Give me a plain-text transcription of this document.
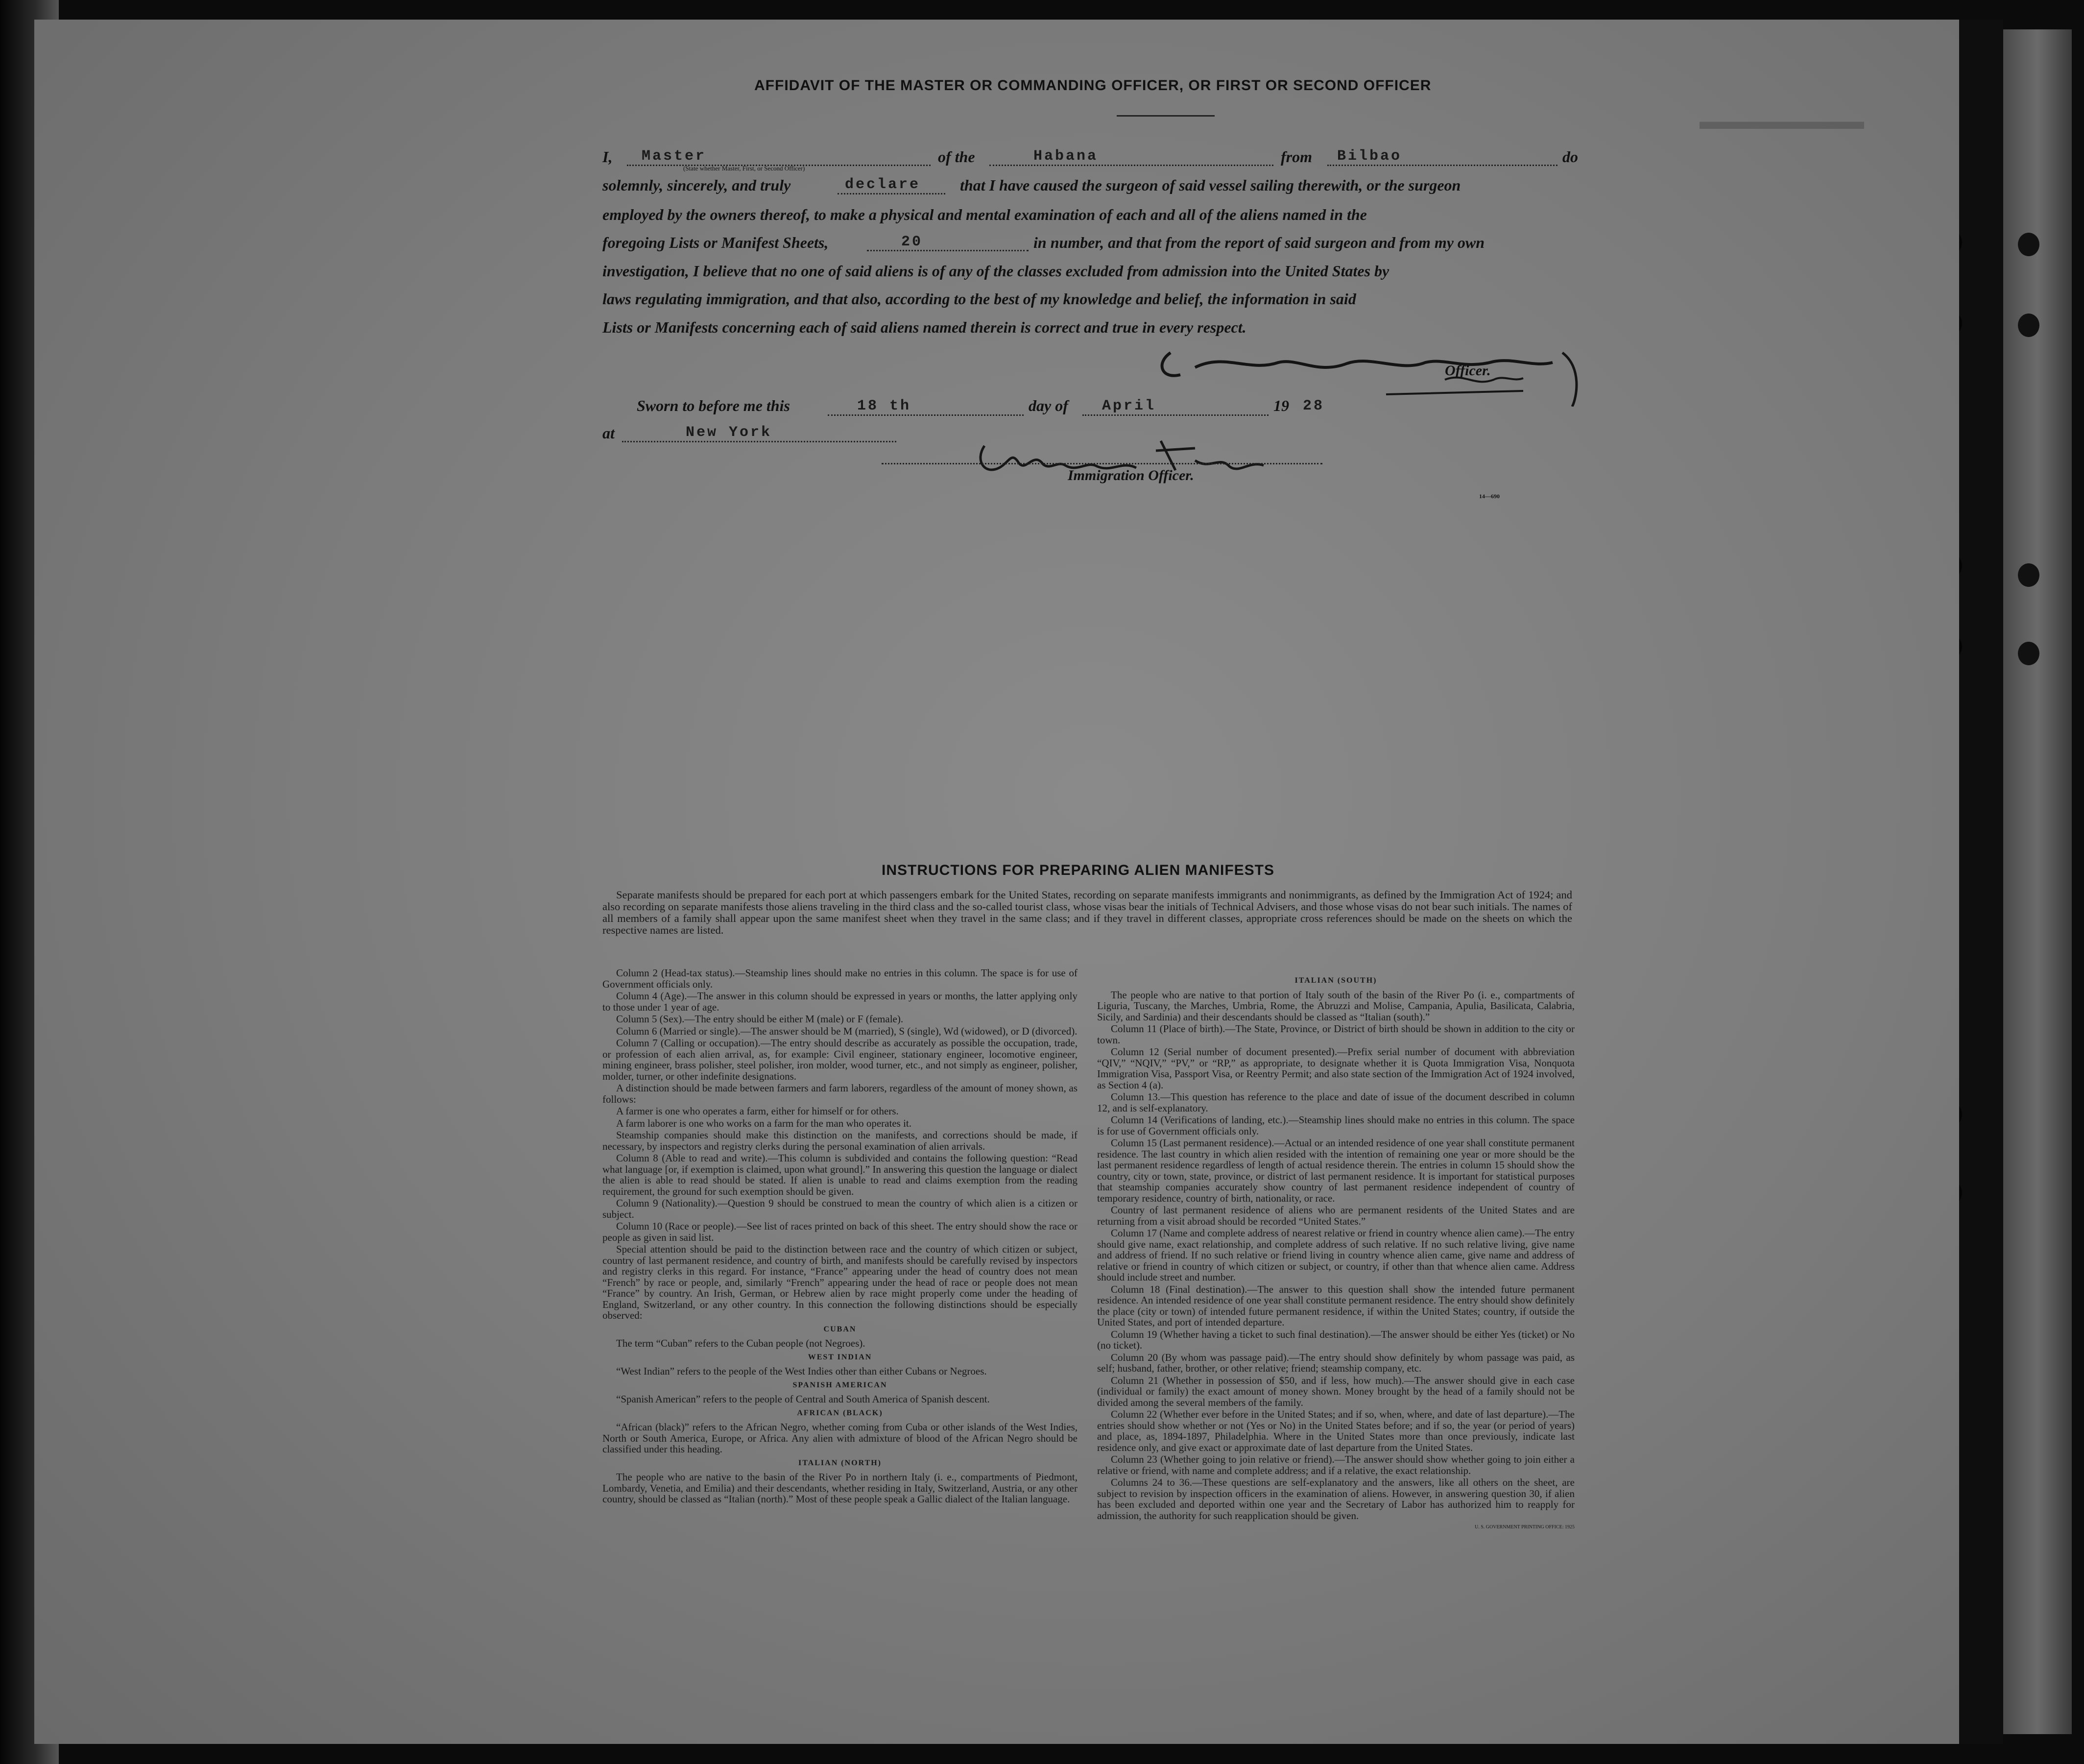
▬▬▬▬▬▬▬
AFFIDAVIT OF THE MASTER OR COMMANDING OFFICER, OR FIRST OR SECOND OFFICER
I, Master
(State whether Master, First, or Second Officer)
of the	Habana	from Bilbao	do
solemnly, sincerely, and truly	declare	that I have caused the surgeon of said vessel sailing therewith, or the surgeon
employed by the owners thereof, to make a physical and mental examination of each and all of the aliens named in the
foregoing Lists or Manifest Sheets,	20	in number, and that from the report of said surgeon and from my own
investigation, I believe that no one of said aliens is of any of the classes excluded from admission into the United States by
laws regulating immigration, and that also, according to the best of my knowledge and belief, the information in said
Lists or Manifests concerning each of said aliens named therein is correct and true in every respect.
Officer.
Sworn to before me this	18 th	day of April	19 28
at	New York
Immigration Officer.
14—690
INSTRUCTIONS FOR PREPARING ALIEN MANIFESTS
Separate manifests should be prepared for each port at which passengers embark for the United States, recording on separate manifests immigrants and nonimmigrants, as defined by the Immigration Act of 1924; and also recording on separate manifests those aliens traveling in the third class and the so-called tourist class, whose visas bear the initials of Technical Advisers, and those whose visas do not bear such initials. The names of all members of a family shall appear upon the same manifest sheet when they travel in the same class; and if they travel in different classes, appropriate cross references should be made on the sheets on which the respective names are listed.

Column 2 (Head-tax status).—Steamship lines should make no entries in this column. The space is for use of Government officials only.

Column 4 (Age).—The answer in this column should be expressed in years or months, the latter applying only to those under 1 year of age.

Column 5 (Sex).—The entry should be either M (male) or F (female).

Column 6 (Married or single).—The answer should be M (married), S (single), Wd (widowed), or D (divorced).

Column 7 (Calling or occupation).—The entry should describe as accurately as possible the occupation, trade, or profession of each alien arrival, as, for example: Civil engineer, stationary engineer, locomotive engineer, mining engineer, brass polisher, steel polisher, iron molder, wood turner, etc., and not simply as engineer, polisher, molder, turner, or other indefinite designations.

A distinction should be made between farmers and farm laborers, regardless of the amount of money shown, as follows:

A farmer is one who operates a farm, either for himself or for others.

A farm laborer is one who works on a farm for the man who operates it.

Steamship companies should make this distinction on the manifests, and corrections should be made, if necessary, by inspectors and registry clerks during the personal examination of alien arrivals.

Column 8 (Able to read and write).—This column is subdivided and contains the following question: “Read what language [or, if exemption is claimed, upon what ground].” In answering this question the language or dialect the alien is able to read should be stated. If alien is unable to read and claims exemption from the reading requirement, the ground for such exemption should be given.

Column 9 (Nationality).—Question 9 should be construed to mean the country of which alien is a citizen or subject.

Column 10 (Race or people).—See list of races printed on back of this sheet. The entry should show the race or people as given in said list.

Special attention should be paid to the distinction between race and the country of which citizen or subject, country of last permanent residence, and country of birth, and manifests should be carefully revised by inspectors and registry clerks in this regard. For instance, “France” appearing under the head of country does not mean “French” by race or people, and, similarly “French” appearing under the head of race or people does not mean “France” by country. An Irish, German, or Hebrew alien by race might properly come under the heading of England, Switzerland, or any other country. In this connection the following distinctions should be especially observed:

CUBAN

The term “Cuban” refers to the Cuban people (not Negroes).

WEST INDIAN

“West Indian” refers to the people of the West Indies other than either Cubans or Negroes.

SPANISH AMERICAN

“Spanish American” refers to the people of Central and South America of Spanish descent.

AFRICAN (BLACK)

“African (black)” refers to the African Negro, whether coming from Cuba or other islands of the West Indies, North or South America, Europe, or Africa. Any alien with admixture of blood of the African Negro should be classified under this heading.

ITALIAN (NORTH)

The people who are native to the basin of the River Po in northern Italy (i. e., compartments of Piedmont, Lombardy, Venetia, and Emilia) and their descendants, whether residing in Italy, Switzerland, Austria, or any other country, should be classed as “Italian (north).” Most of these people speak a Gallic dialect of the Italian language.

ITALIAN (SOUTH)

The people who are native to that portion of Italy south of the basin of the River Po (i. e., compartments of Liguria, Tuscany, the Marches, Umbria, Rome, the Abruzzi and Molise, Campania, Apulia, Basilicata, Calabria, Sicily, and Sardinia) and their descendants should be classed as “Italian (south).”

Column 11 (Place of birth).—The State, Province, or District of birth should be shown in addition to the city or town.

Column 12 (Serial number of document presented).—Prefix serial number of document with abbreviation “QIV,” “NQIV,” “PV,” or “RP,” as appropriate, to designate whether it is Quota Immigration Visa, Nonquota Immigration Visa, Passport Visa, or Reentry Permit; and also state section of the Immigration Act of 1924 involved, as Section 4 (a).

Column 13.—This question has reference to the place and date of issue of the document described in column 12, and is self-explanatory.

Column 14 (Verifications of landing, etc.).—Steamship lines should make no entries in this column. The space is for use of Government officials only.

Column 15 (Last permanent residence).—Actual or an intended residence of one year shall constitute permanent residence. The last country in which alien resided with the intention of remaining one year or more should be the last permanent residence regardless of length of actual residence therein. The entries in column 15 should show the country, city or town, state, province, or district of last permanent residence. It is important for statistical purposes that steamship companies accurately show country of last permanent residence independent of country of temporary residence, country of birth, nationality, or race.

Country of last permanent residence of aliens who are permanent residents of the United States and are returning from a visit abroad should be recorded “United States.”

Column 17 (Name and complete address of nearest relative or friend in country whence alien came).—The entry should give name, exact relationship, and complete address of such relative. If no such relative living, give name and address of friend. If no such relative or friend living in country whence alien came, give name and address of relative or friend in country of which citizen or subject, or country, if other than that whence alien came. Address should include street and number.

Column 18 (Final destination).—The answer to this question shall show the intended future permanent residence. An intended residence of one year shall constitute permanent residence. The entry should show definitely the place (city or town) of intended future permanent residence, if within the United States; country, if outside the United States, and port of intended departure.

Column 19 (Whether having a ticket to such final destination).—The answer should be either Yes (ticket) or No (no ticket).

Column 20 (By whom was passage paid).—The entry should show definitely by whom passage was paid, as self; husband, father, brother, or other relative; friend; steamship company, etc.

Column 21 (Whether in possession of $50, and if less, how much).—The answer should give in each case (individual or family) the exact amount of money shown. Money brought by the head of a family should not be divided among the several members of the family.

Column 22 (Whether ever before in the United States; and if so, when, where, and date of last departure).—The entries should show whether or not (Yes or No) in the United States before; and if so, the year (or period of years) and place, as, 1894-1897, Philadelphia. Where in the United States more than once previously, indicate last residence only, and give exact or approximate date of last departure from the United States.

Column 23 (Whether going to join relative or friend).—The answer should show whether going to join either a relative or friend, with name and complete address; and if a relative, the exact relationship.

Columns 24 to 36.—These questions are self-explanatory and the answers, like all others on the sheet, are subject to revision by inspection officers in the examination of aliens. However, in answering question 30, if alien has been excluded and deported within one year and the Secretary of Labor has authorized him to reapply for admission, the authority for such reapplication should be given.

U. S. GOVERNMENT PRINTING OFFICE: 1925
